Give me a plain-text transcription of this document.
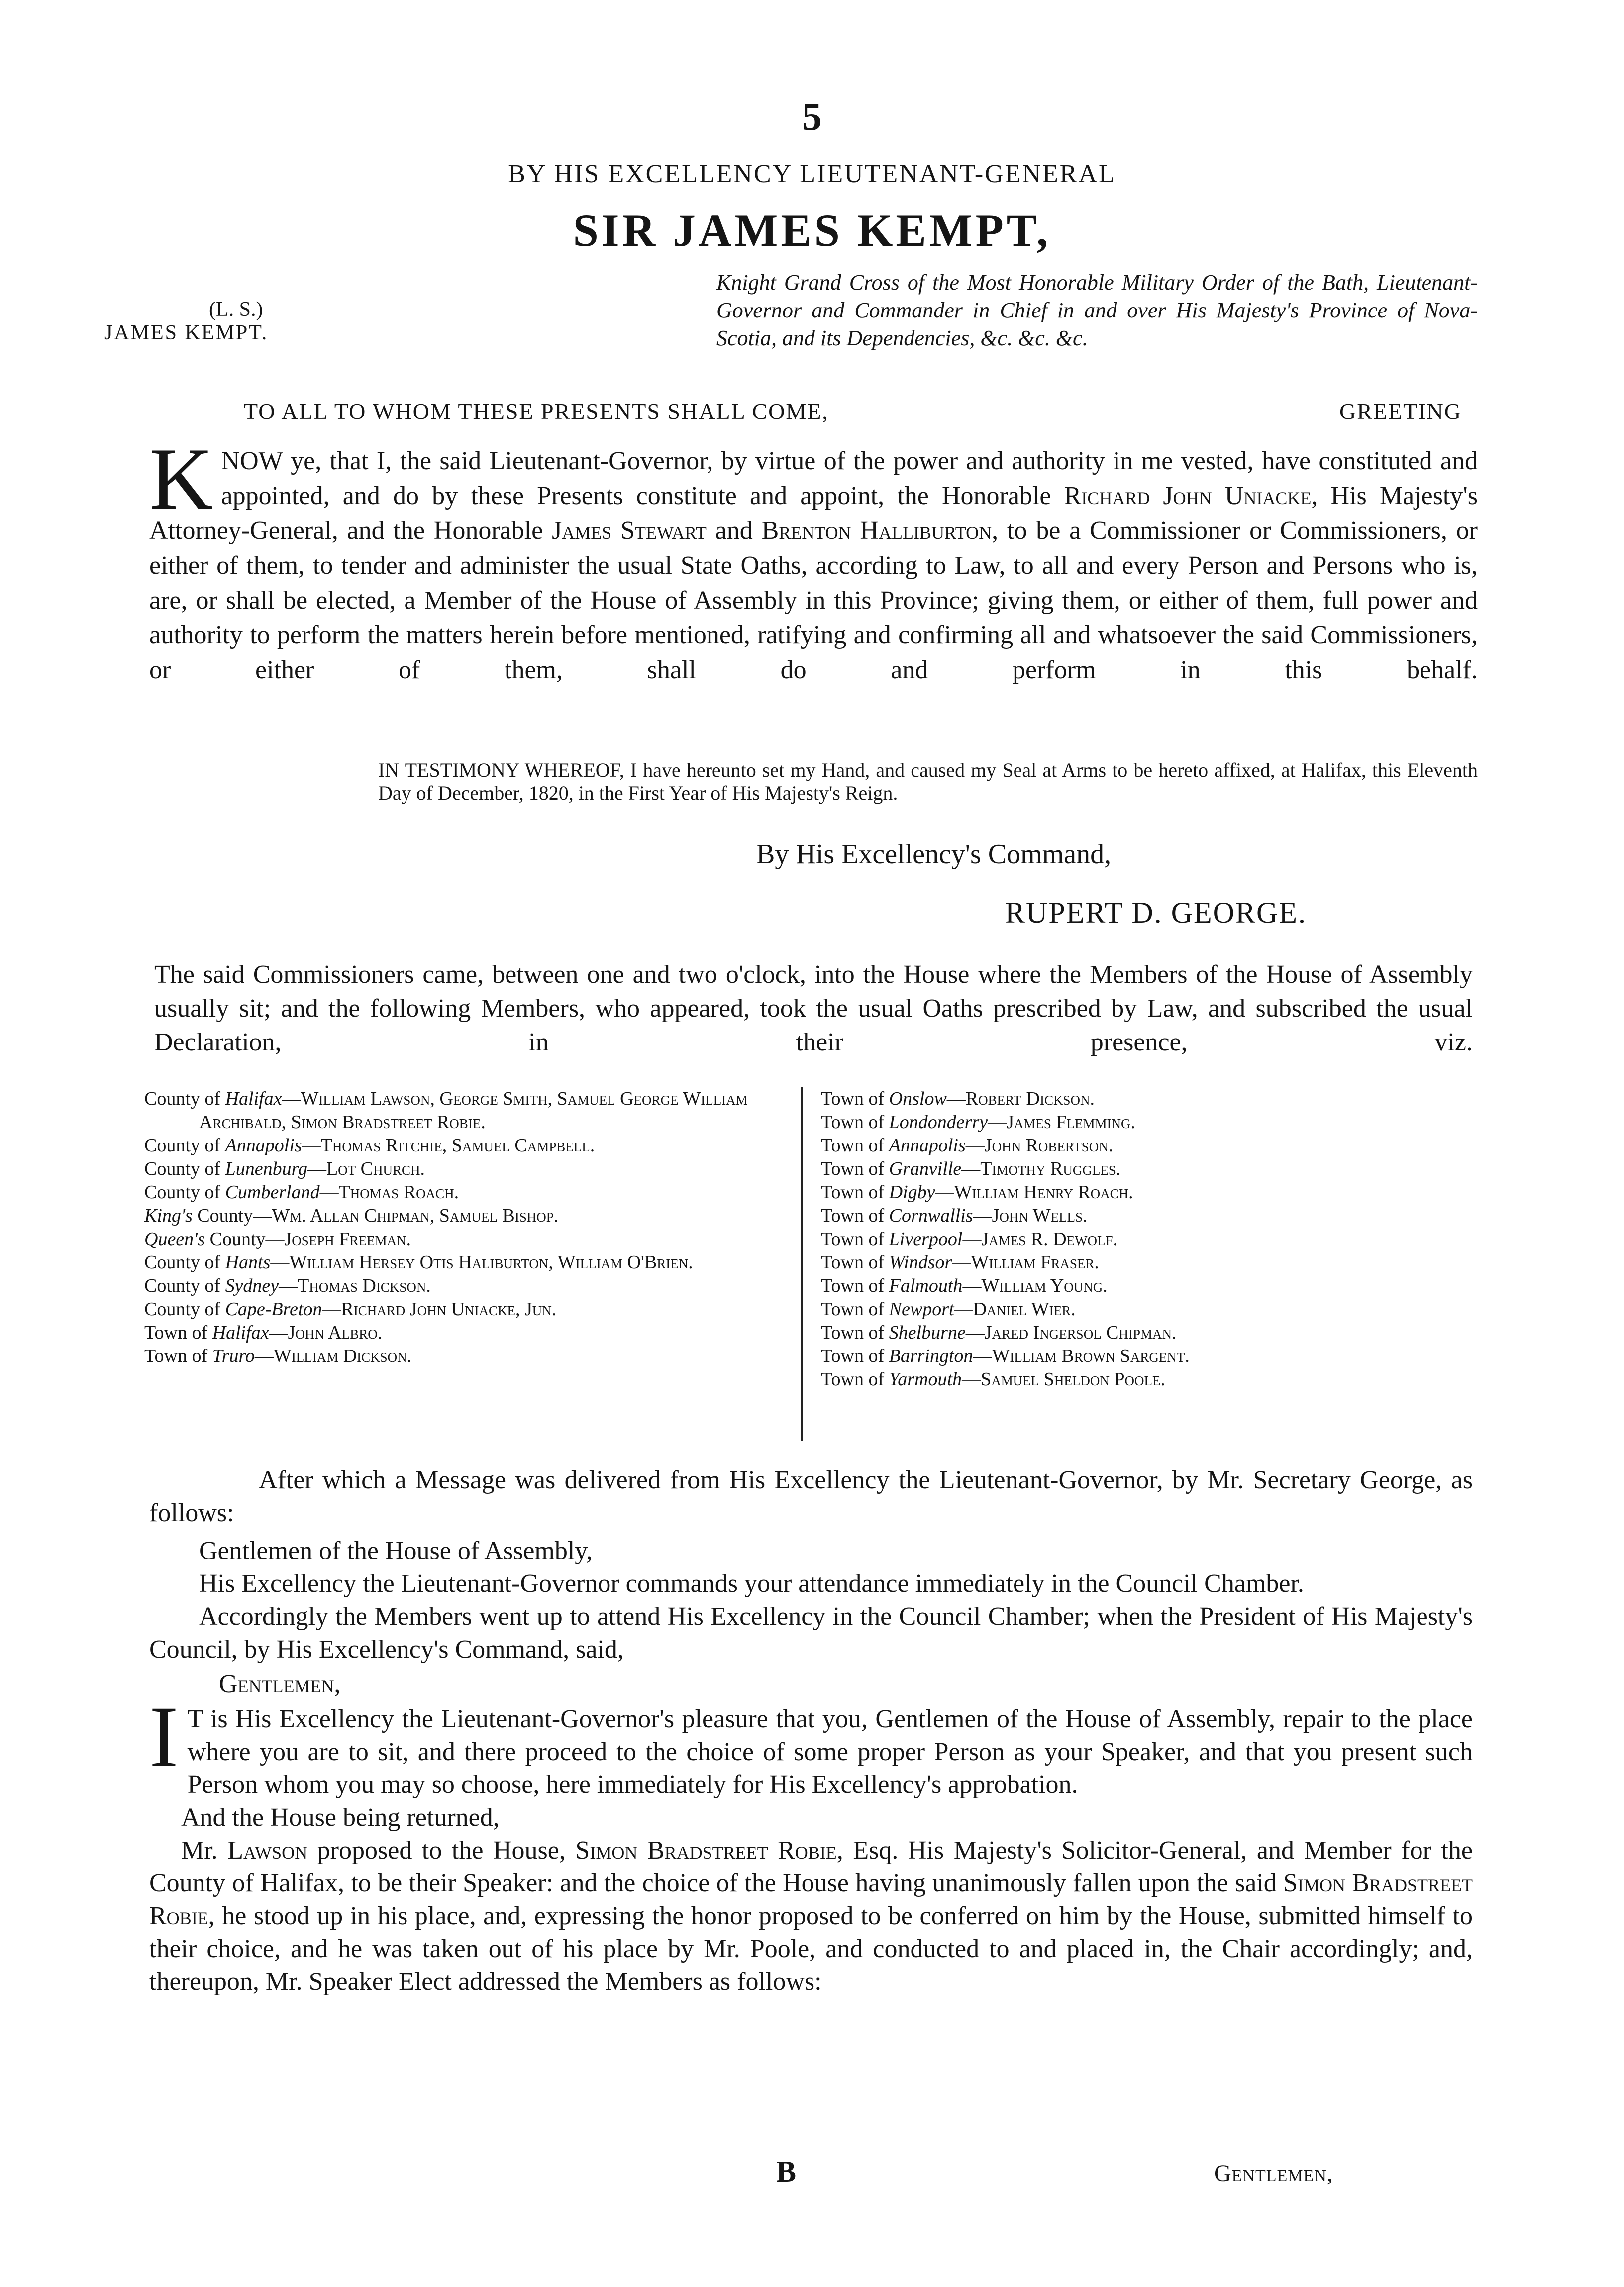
5
BY HIS EXCELLENCY LIEUTENANT-GENERAL
SIR JAMES KEMPT,
Knight Grand Cross of the Most Honorable Military Order of the Bath, Lieutenant-Governor and Commander in Chief in and over His Majesty's Province of Nova-Scotia, and its Dependencies, &c. &c. &c.
(L. S.)
JAMES KEMPT.
TO ALL TO WHOM THESE PRESENTS SHALL COME,	GREETING
KNOW ye, that I, the said Lieutenant-Governor, by virtue of the power and authority in me vested, have constituted and appointed, and do by these Presents constitute and appoint, the Honorable Richard John Uniacke, His Majesty's Attorney-General, and the Honorable James Stewart and Brenton Halliburton, to be a Commissioner or Commissioners, or either of them, to tender and administer the usual State Oaths, according to Law, to all and every Person and Persons who is, are, or shall be elected, a Member of the House of Assembly in this Province; giving them, or either of them, full power and authority to perform the matters herein before mentioned, ratifying and confirming all and whatsoever the said Commissioners, or either of them, shall do and perform in this behalf.
IN TESTIMONY WHEREOF, I have hereunto set my Hand, and caused my Seal at Arms to be hereto affixed, at Halifax, this Eleventh Day of December, 1820, in the First Year of His Majesty's Reign.
By His Excellency's Command,
RUPERT D. GEORGE.
The said Commissioners came, between one and two o'clock, into the House where the Members of the House of Assembly usually sit; and the following Members, who appeared, took the usual Oaths prescribed by Law, and subscribed the usual Declaration, in their presence, viz.

County of Halifax—William Lawson, George Smith, Samuel George William Archibald, Simon Bradstreet Robie.

County of Annapolis—Thomas Ritchie, Samuel Campbell.

County of Lunenburg—Lot Church.

County of Cumberland—Thomas Roach.

King's County—Wm. Allan Chipman, Samuel Bishop.

Queen's County—Joseph Freeman.

County of Hants—William Hersey Otis Haliburton, William O'Brien.

County of Sydney—Thomas Dickson.

County of Cape-Breton—Richard John Uniacke, Jun.

Town of Halifax—John Albro.

Town of Truro—William Dickson.

Town of Onslow—Robert Dickson.

Town of Londonderry—James Flemming.

Town of Annapolis—John Robertson.

Town of Granville—Timothy Ruggles.

Town of Digby—William Henry Roach.

Town of Cornwallis—John Wells.

Town of Liverpool—James R. Dewolf.

Town of Windsor—William Fraser.

Town of Falmouth—William Young.

Town of Newport—Daniel Wier.

Town of Shelburne—Jared Ingersol Chipman.

Town of Barrington—William Brown Sargent.

Town of Yarmouth—Samuel Sheldon Poole.

After which a Message was delivered from His Excellency the Lieutenant-Governor, by Mr. Secretary George, as follows:

Gentlemen of the House of Assembly,

His Excellency the Lieutenant-Governor commands your attendance immediately in the Council Chamber.

Accordingly the Members went up to attend His Excellency in the Council Chamber; when the President of His Majesty's Council, by His Excellency's Command, said,

Gentlemen,

I T is His Excellency the Lieutenant-Governor's pleasure that you, Gentlemen of the House of Assembly, repair to the place where you are to sit, and there proceed to the choice of some proper Person as your Speaker, and that you present such Person whom you may so choose, here immediately for His Excellency's approbation.

And the House being returned,

Mr. Lawson proposed to the House, Simon Bradstreet Robie, Esq. His Majesty's Solicitor-General, and Member for the County of Halifax, to be their Speaker: and the choice of the House having unanimously fallen upon the said Simon Bradstreet Robie, he stood up in his place, and, expressing the honor proposed to be conferred on him by the House, submitted himself to their choice, and he was taken out of his place by Mr. Poole, and conducted to and placed in, the Chair accordingly; and, thereupon, Mr. Speaker Elect addressed the Members as follows:

B	Gentlemen,
